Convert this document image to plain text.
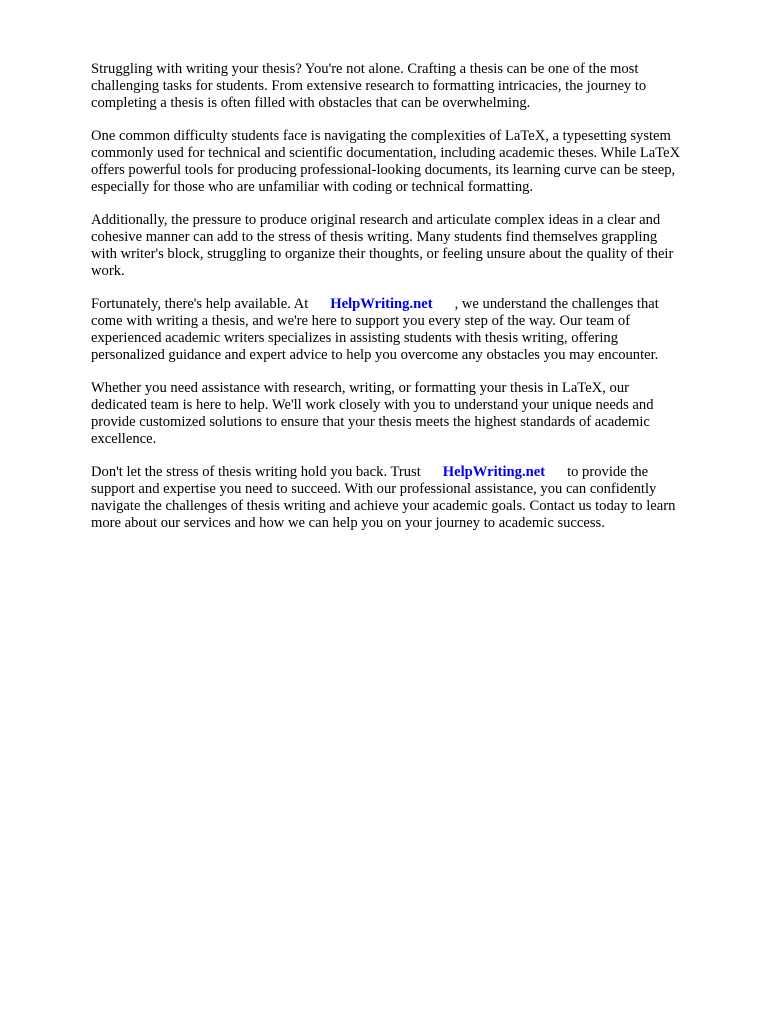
Struggling with writing your thesis? You're not alone. Crafting a thesis can be one of the most
challenging tasks for students. From extensive research to formatting intricacies, the journey to
completing a thesis is often filled with obstacles that can be overwhelming.

One common difficulty students face is navigating the complexities of LaTeX, a typesetting system
commonly used for technical and scientific documentation, including academic theses. While LaTeX
offers powerful tools for producing professional-looking documents, its learning curve can be steep,
especially for those who are unfamiliar with coding or technical formatting.

Additionally, the pressure to produce original research and articulate complex ideas in a clear and
cohesive manner can add to the stress of thesis writing. Many students find themselves grappling
with writer's block, struggling to organize their thoughts, or feeling unsure about the quality of their
work.

Fortunately, there's help available. At HelpWriting.net , we understand the challenges that
come with writing a thesis, and we're here to support you every step of the way. Our team of
experienced academic writers specializes in assisting students with thesis writing, offering
personalized guidance and expert advice to help you overcome any obstacles you may encounter.

Whether you need assistance with research, writing, or formatting your thesis in LaTeX, our
dedicated team is here to help. We'll work closely with you to understand your unique needs and
provide customized solutions to ensure that your thesis meets the highest standards of academic
excellence.

Don't let the stress of thesis writing hold you back. Trust HelpWriting.net to provide the
support and expertise you need to succeed. With our professional assistance, you can confidently
navigate the challenges of thesis writing and achieve your academic goals. Contact us today to learn
more about our services and how we can help you on your journey to academic success.
